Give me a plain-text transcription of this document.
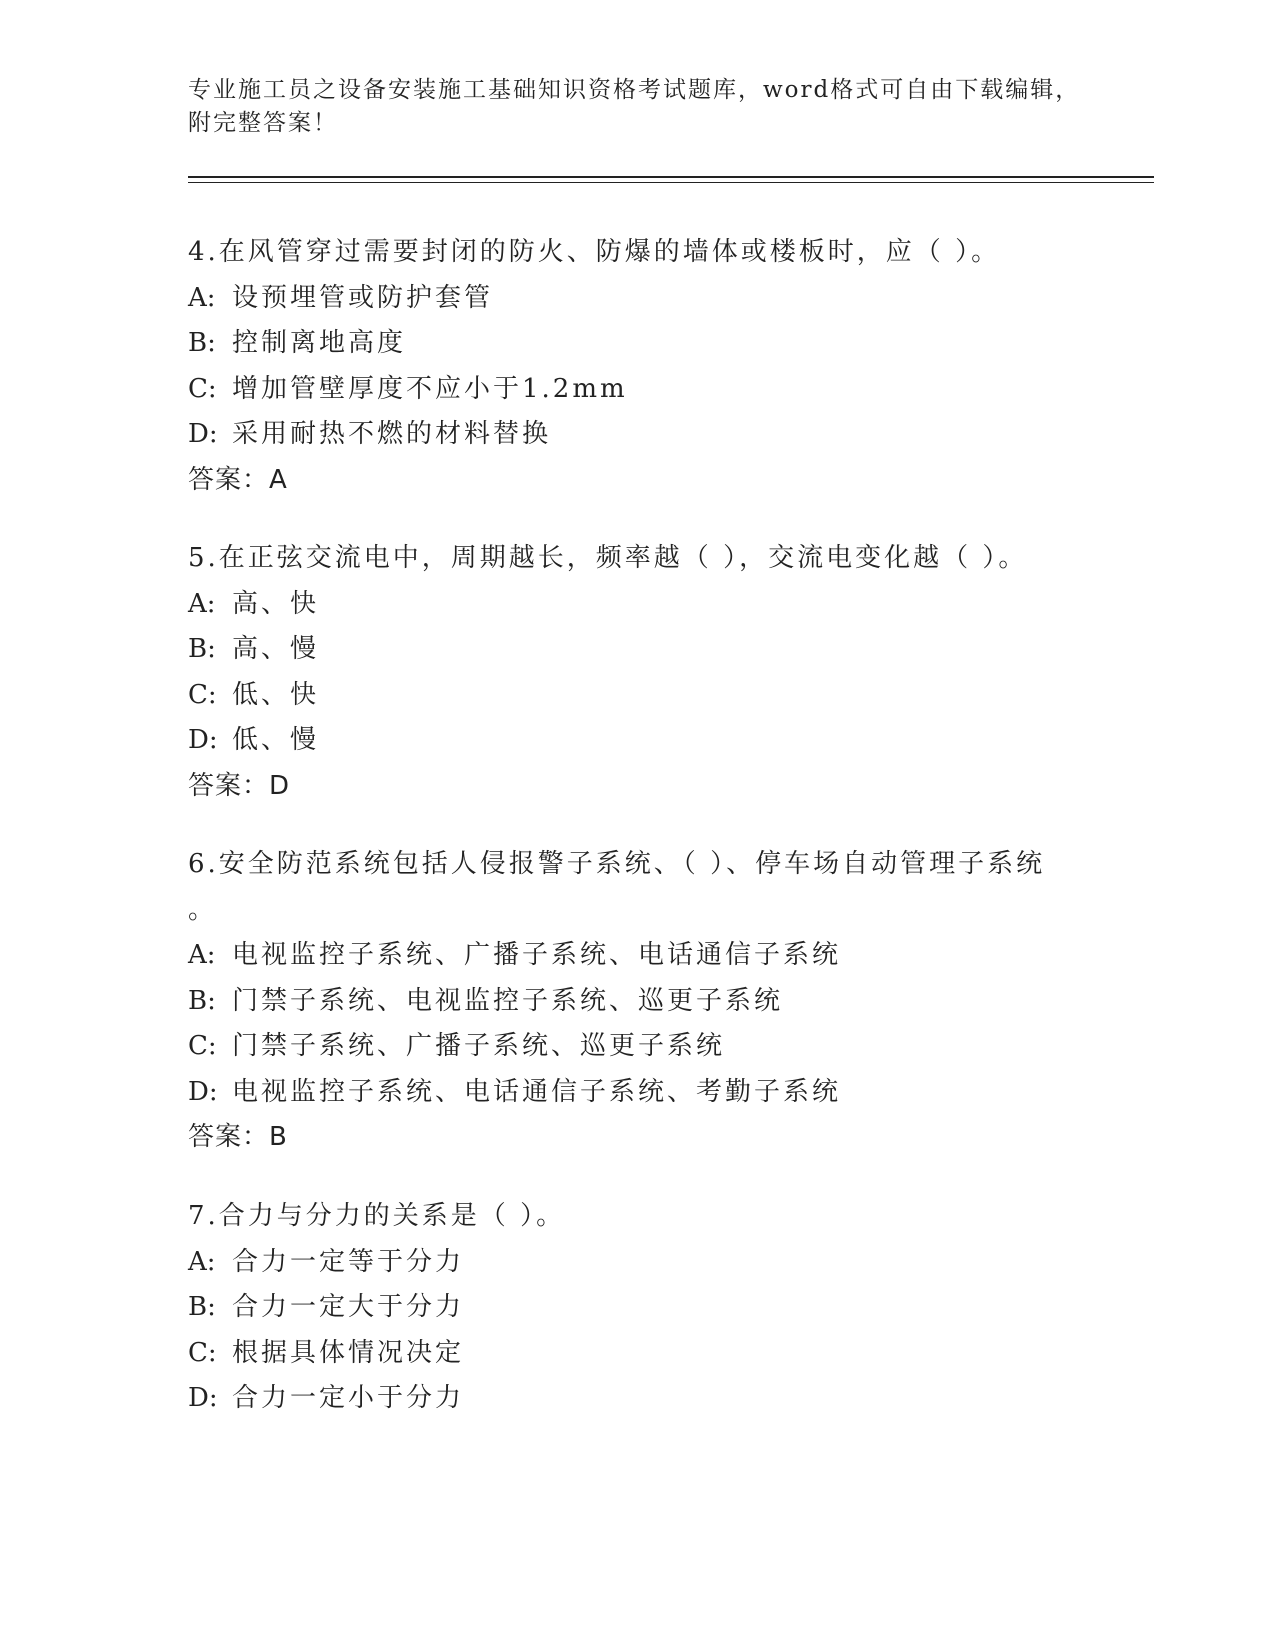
专业施工员之设备安装施工基础知识资格考试题库，word格式可自由下载编辑，
附完整答案！
4.在风管穿过需要封闭的防火、防爆的墙体或楼板时，应（ ）。
A: 设预埋管或防护套管
B: 控制离地高度
C: 增加管壁厚度不应小于1.2mm
D: 采用耐热不燃的材料替换
答案：A
5.在正弦交流电中，周期越长，频率越（ ），交流电变化越（ ）。
A: 高、快
B: 高、慢
C: 低、快
D: 低、慢
答案：D
6.安全防范系统包括人侵报警子系统、（ ）、停车场自动管理子系统
。
A: 电视监控子系统、广播子系统、电话通信子系统
B: 门禁子系统、电视监控子系统、巡更子系统
C: 门禁子系统、广播子系统、巡更子系统
D: 电视监控子系统、电话通信子系统、考勤子系统
答案：B
7.合力与分力的关系是（ ）。
A: 合力一定等于分力
B: 合力一定大于分力
C: 根据具体情况决定
D: 合力一定小于分力
